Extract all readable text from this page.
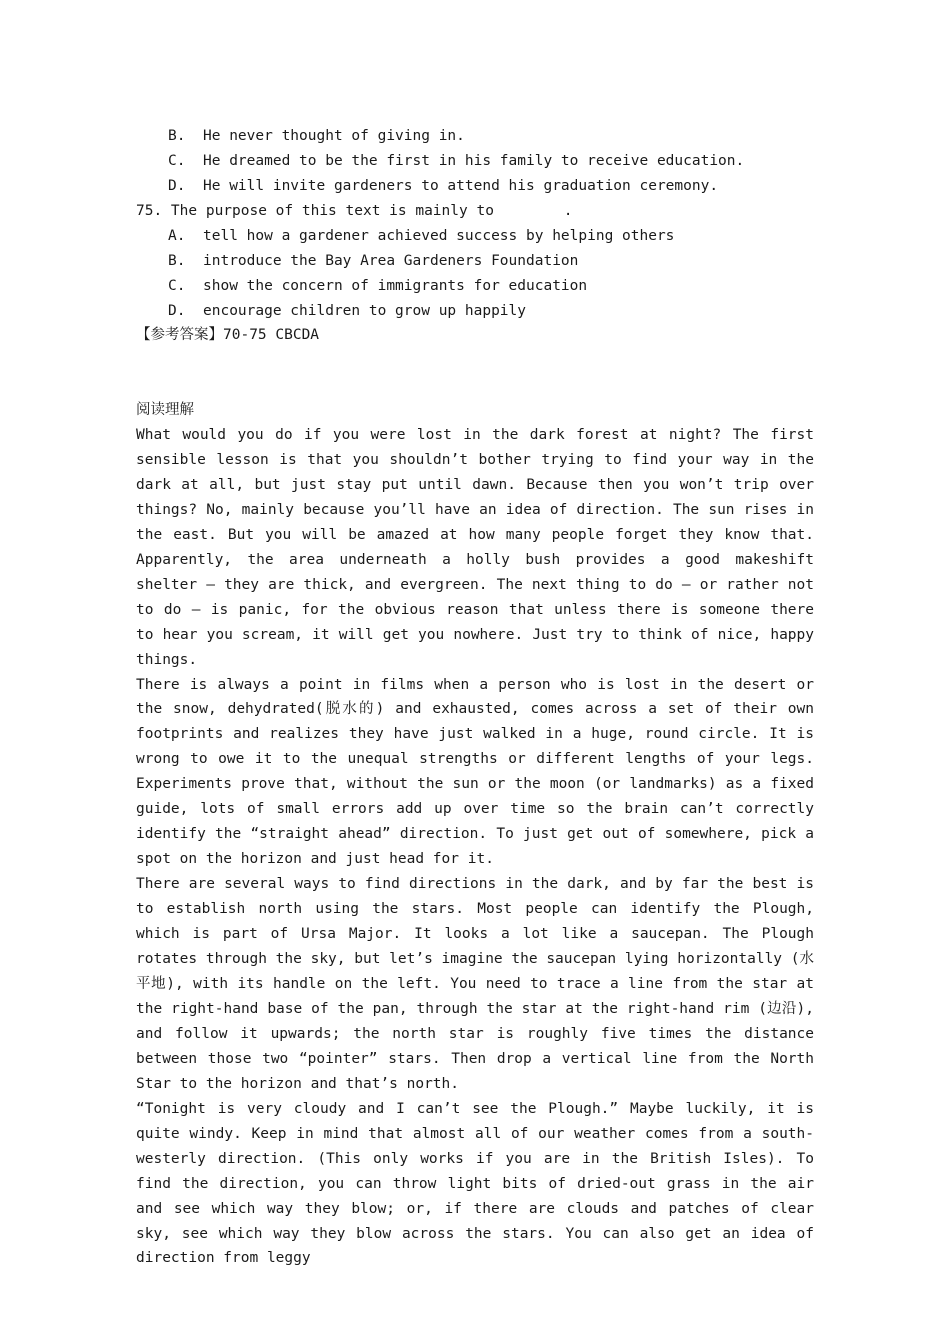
B. He never thought of giving in.
C. He dreamed to be the first in his family to receive education.
D. He will invite gardeners to attend his graduation ceremony.
75. The purpose of this text is mainly to        .
A. tell how a gardener achieved success by helping others
B. introduce the Bay Area Gardeners Foundation
C. show the concern of immigrants for education
D. encourage children to grow up happily
【参考答案】70-75 CBCDA
阅读理解

What would you do if you were lost in the dark forest at night? The first sensible lesson is that you shouldn’t bother trying to find your way in the dark at all, but just stay put until dawn. Because then you won’t trip over things? No, mainly because you’ll have an idea of direction. The sun rises in the east. But you will be amazed at how many people forget they know that. Apparently, the area underneath a holly bush provides a good makeshift shelter — they are thick, and evergreen. The next thing to do — or rather not to do — is panic, for the obvious reason that unless there is someone there to hear you scream, it will get you nowhere. Just try to think of nice, happy things.

There is always a point in films when a person who is lost in the desert or the snow, dehydrated(脱水的) and exhausted, comes across a set of their own footprints and realizes they have just walked in a huge, round circle. It is wrong to owe it to the unequal strengths or different lengths of your legs. Experiments prove that, without the sun or the moon (or landmarks) as a fixed guide, lots of small errors add up over time so the brain can’t correctly identify the “straight ahead” direction. To just get out of somewhere, pick a spot on the horizon and just head for it.

There are several ways to find directions in the dark, and by far the best is to establish north using the stars. Most people can identify the Plough, which is part of Ursa Major. It looks a lot like a saucepan. The Plough rotates through the sky, but let’s imagine the saucepan lying horizontally (水平地), with its handle on the left. You need to trace a line from the star at the right-hand base of the pan, through the star at the right-hand rim (边沿), and follow it upwards; the north star is roughly five times the distance between those two “pointer” stars. Then drop a vertical line from the North Star to the horizon and that’s north.

“Tonight is very cloudy and I can’t see the Plough.” Maybe luckily, it is quite windy. Keep in mind that almost all of our weather comes from a south-westerly direction. (This only works if you are in the British Isles). To find the direction, you can throw light bits of dried-out grass in the air and see which way they blow; or, if there are clouds and patches of clear sky, see which way they blow across the stars. You can also get an idea of direction from leggy
